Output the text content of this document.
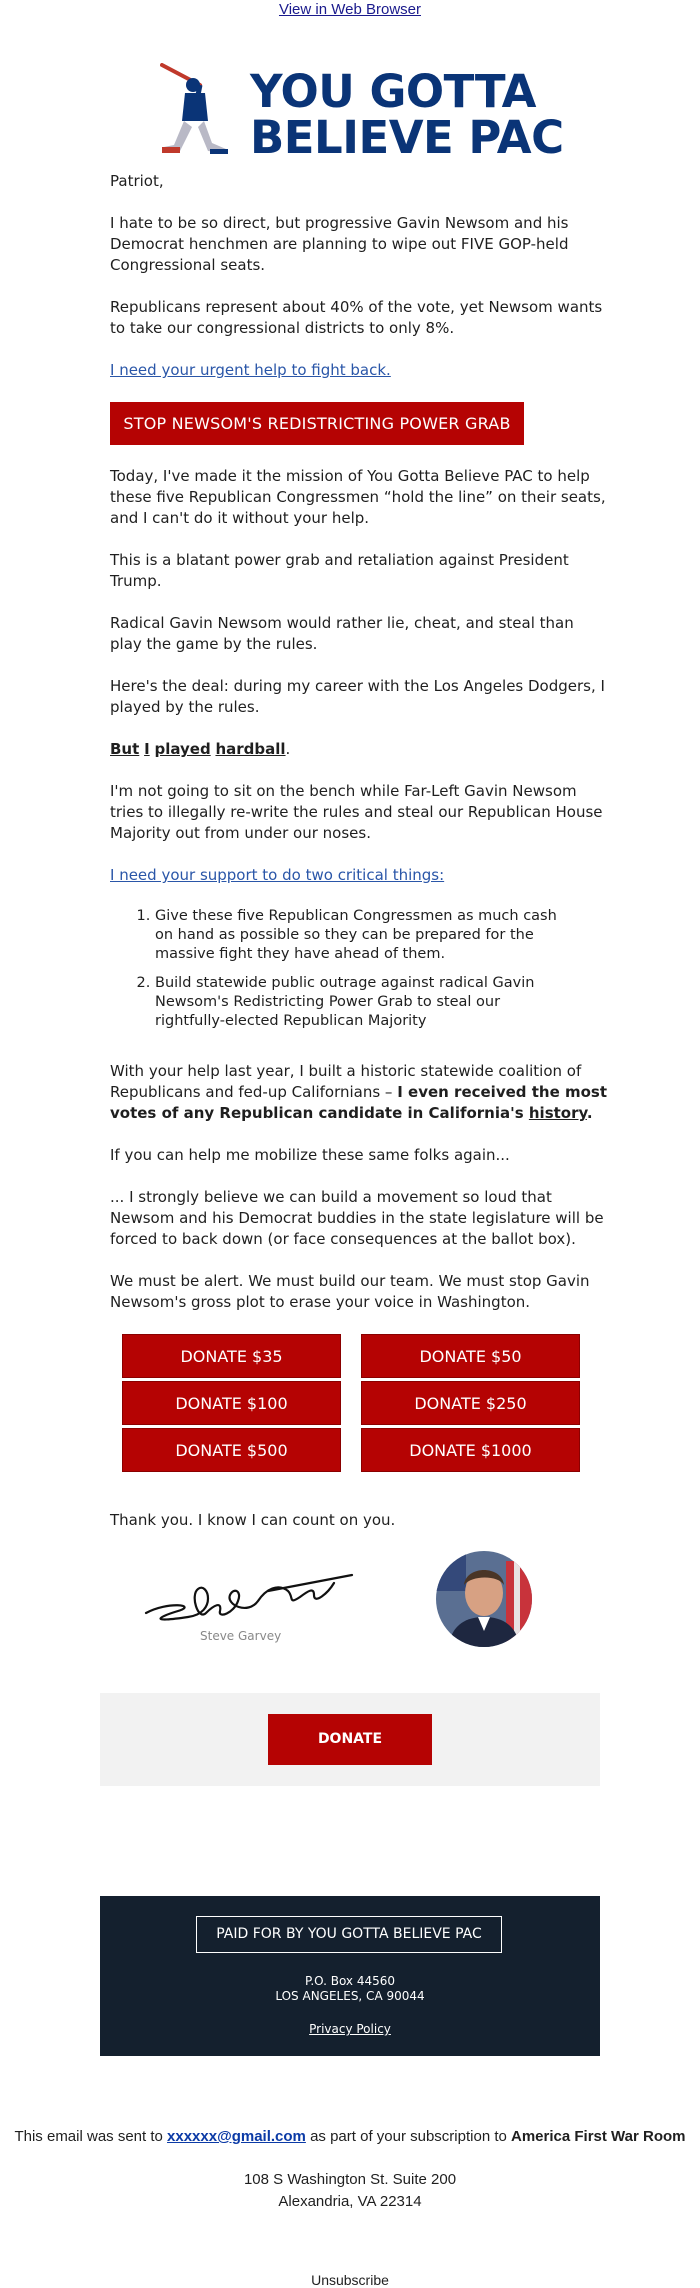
View in Web Browser
YOU GOTTA
BELIEVE PAC

Patriot,

I hate to be so direct, but progressive Gavin Newsom and his Democrat henchmen are planning to wipe out FIVE GOP-held Congressional seats.

Republicans represent about 40% of the vote, yet Newsom wants to take our congressional districts to only 8%.

I need your urgent help to fight back.

STOP NEWSOM'S REDISTRICTING POWER GRAB

Today, I've made it the mission of You Gotta Believe PAC to help these five Republican Congressmen “hold the line” on their seats, and I can't do it without your help.

This is a blatant power grab and retaliation against President Trump.

Radical Gavin Newsom would rather lie, cheat, and steal than play the game by the rules.

Here's the deal: during my career with the Los Angeles Dodgers, I played by the rules.

But I played hardball.

I'm not going to sit on the bench while Far-Left Gavin Newsom tries to illegally re-write the rules and steal our Republican House Majority out from under our noses.

I need your support to do two critical things:

1. Give these five Republican Congressmen as much cash on hand as possible so they can be prepared for the massive fight they have ahead of them.
2. Build statewide public outrage against radical Gavin Newsom's Redistricting Power Grab to steal our rightfully-elected Republican Majority

With your help last year, I built a historic statewide coalition of Republicans and fed-up Californians – I even received the most votes of any Republican candidate in California's history.

If you can help me mobilize these same folks again...

... I strongly believe we can build a movement so loud that Newsom and his Democrat buddies in the state legislature will be forced to back down (or face consequences at the ballot box).

We must be alert. We must build our team. We must stop Gavin Newsom's gross plot to erase your voice in Washington.

DONATE $35	DONATE $50
DONATE $100	DONATE $250
DONATE $500	DONATE $1000

Thank you. I know I can count on you.

Steve Garvey
DONATE
PAID FOR BY YOU GOTTA BELIEVE PAC
P.O. Box 44560
LOS ANGELES, CA 90044
Privacy Policy
This email was sent to xxxxxx@gmail.com as part of your subscription to America First War Room
108 S Washington St. Suite 200
Alexandria, VA 22314
Unsubscribe
